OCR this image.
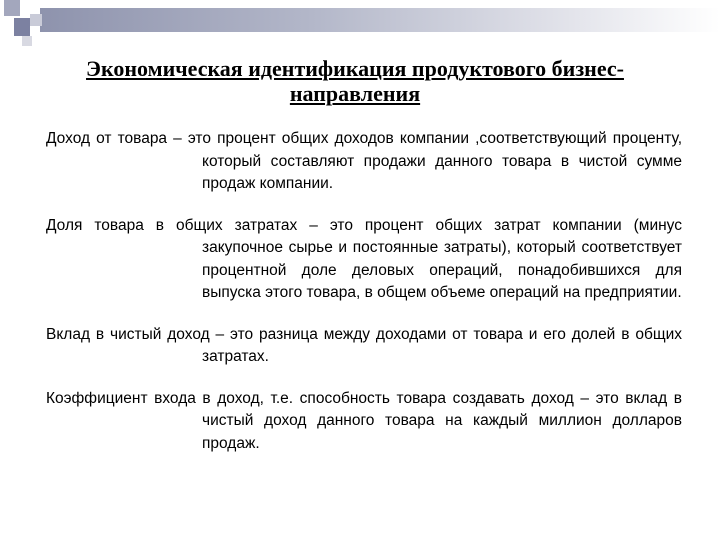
Экономическая идентификация продуктового бизнес-
направления

Доход от товара – это процент общих доходов компании ,соответствующий проценту, который составляют продажи данного товара в чистой сумме продаж компании.

Доля товара в общих затратах – это процент общих затрат компании (минус закупочное сырье и постоянные затраты), который соответствует процентной доле деловых операций, понадобившихся для выпуска этого товара, в общем объеме операций на предприятии.

Вклад в чистый доход – это разница между доходами от товара и его долей в общих затратах.

Коэффициент входа в доход, т.е. способность товара создавать доход – это вклад в чистый доход данного товара на каждый миллион долларов продаж.
